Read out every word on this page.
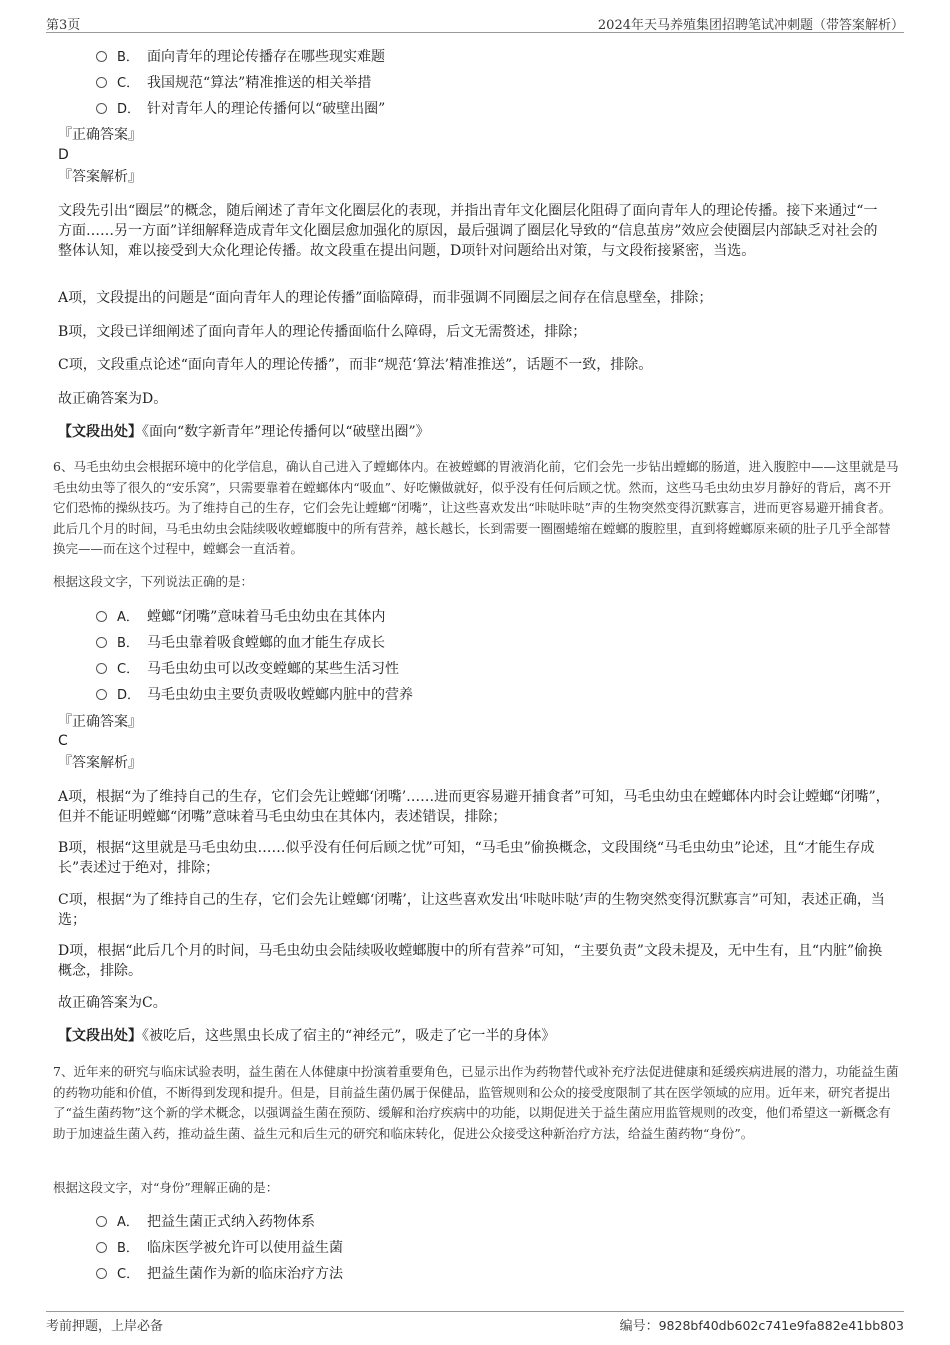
第3页	2024年天马养殖集团招聘笔试冲刺题（带答案解析）
B． 面向青年的理论传播存在哪些现实难题
C． 我国规范“算法”精准推送的相关举措
D． 针对青年人的理论传播何以“破壁出圈”
『正确答案』
D
『答案解析』
文段先引出“圈层”的概念，随后阐述了青年文化圈层化的表现，并指出青年文化圈层化阻碍了面向青年人的理论传播。接下来通过“一方面……另一方面”详细解释造成青年文化圈层愈加强化的原因，最后强调了圈层化导致的“信息茧房”效应会使圈层内部缺乏对社会的整体认知，难以接受到大众化理论传播。故文段重在提出问题，D项针对问题给出对策，与文段衔接紧密，当选。
A项，文段提出的问题是“面向青年人的理论传播”面临障碍，而非强调不同圈层之间存在信息壁垒，排除；
B项，文段已详细阐述了面向青年人的理论传播面临什么障碍，后文无需赘述，排除；
C项，文段重点论述“面向青年人的理论传播”，而非“规范‘算法’精准推送”，话题不一致，排除。
故正确答案为D。
【文段出处】《面向“数字新青年”理论传播何以“破壁出圈”》
6、马毛虫幼虫会根据环境中的化学信息，确认自己进入了螳螂体内。在被螳螂的胃液消化前，它们会先一步钻出螳螂的肠道，进入腹腔中——这里就是马毛虫幼虫等了很久的“安乐窝”，只需要靠着在螳螂体内“吸血”、好吃懒做就好，似乎没有任何后顾之忧。然而，这些马毛虫幼虫岁月静好的背后，离不开它们恐怖的操纵技巧。为了维持自己的生存，它们会先让螳螂“闭嘴”，让这些喜欢发出“咔哒咔哒”声的生物突然变得沉默寡言，进而更容易避开捕食者。此后几个月的时间，马毛虫幼虫会陆续吸收螳螂腹中的所有营养，越长越长，长到需要一圈圈蜷缩在螳螂的腹腔里，直到将螳螂原来硕的肚子几乎全部替换完——而在这个过程中，螳螂会一直活着。
根据这段文字，下列说法正确的是：
A． 螳螂“闭嘴”意味着马毛虫幼虫在其体内
B． 马毛虫靠着吸食螳螂的血才能生存成长
C． 马毛虫幼虫可以改变螳螂的某些生活习性
D． 马毛虫幼虫主要负责吸收螳螂内脏中的营养
『正确答案』
C
『答案解析』
A项，根据“为了维持自己的生存，它们会先让螳螂‘闭嘴’……进而更容易避开捕食者”可知，马毛虫幼虫在螳螂体内时会让螳螂“闭嘴”，但并不能证明螳螂“闭嘴”意味着马毛虫幼虫在其体内，表述错误，排除；
B项，根据“这里就是马毛虫幼虫……似乎没有任何后顾之忧”可知，“马毛虫”偷换概念，文段围绕“马毛虫幼虫”论述，且“才能生存成长”表述过于绝对，排除；
C项，根据“为了维持自己的生存，它们会先让螳螂‘闭嘴’，让这些喜欢发出‘咔哒咔哒’声的生物突然变得沉默寡言”可知，表述正确，当选；
D项，根据“此后几个月的时间，马毛虫幼虫会陆续吸收螳螂腹中的所有营养”可知，“主要负责”文段未提及，无中生有，且“内脏”偷换概念，排除。
故正确答案为C。
【文段出处】《被吃后，这些黑虫长成了宿主的“神经元”，吸走了它一半的身体》
7、近年来的研究与临床试验表明，益生菌在人体健康中扮演着重要角色，已显示出作为药物替代或补充疗法促进健康和延缓疾病进展的潜力，功能益生菌的药物功能和价值，不断得到发现和提升。但是，目前益生菌仍属于保健品，监管规则和公众的接受度限制了其在医学领域的应用。近年来，研究者提出了“益生菌药物”这个新的学术概念，以强调益生菌在预防、缓解和治疗疾病中的功能，以期促进关于益生菌应用监管规则的改变，他们希望这一新概念有助于加速益生菌入药，推动益生菌、益生元和后生元的研究和临床转化，促进公众接受这种新治疗方法，给益生菌药物“身份”。
根据这段文字，对“身份”理解正确的是：
A． 把益生菌正式纳入药物体系
B． 临床医学被允许可以使用益生菌
C． 把益生菌作为新的临床治疗方法
考前押题，上岸必备	编号：9828bf40db602c741e9fa882e41bb803
